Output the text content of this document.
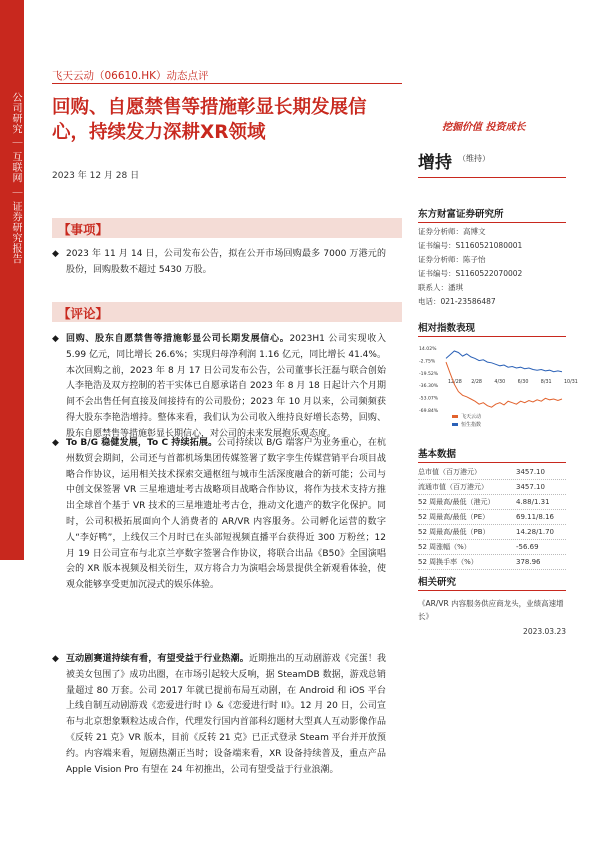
公司研究 ｜ 互联网 ｜ 证券研究报告
飞天云动（06610.HK）动态点评
回购、自愿禁售等措施彰显长期发展信心，持续发力深耕XR领域
2023 年 12 月 28 日
挖掘价值 投资成长
增持 （维持）
【事项】
◆ 2023 年 11 月 14 日，公司发布公告，拟在公开市场回购最多 7000 万港元的股份，回购股数不超过 5430 万股。
【评论】
◆ 回购、股东自愿禁售等措施彰显公司长期发展信心。2023H1 公司实现收入 5.99 亿元，同比增长 26.6%；实现归母净利润 1.16 亿元，同比增长 41.4%。本次回购之前，2023 年 8 月 17 日公司发布公告，公司董事长汪磊与联合创始人李艳浩及双方控制的若干实体已自愿承诺自 2023 年 8 月 18 日起计六个月期间不会出售任何直接及间接持有的公司股份；2023 年 10 月以来，公司频频获得大股东李艳浩增持。整体来看，我们认为公司收入维持良好增长态势，回购、股东自愿禁售等措施彰显长期信心，对公司的未来发展抱乐观态度。
◆ To B/G 稳健发展，To C 持续拓展。公司持续以 B/G 端客户为业务重心，在杭州数贸会期间，公司还与首都机场集团传媒签署了数字孪生传媒营销平台项目战略合作协议，运用相关技术探索交通枢纽与城市生活深度融合的新可能；公司与中创文保签署 VR 三星堆遗址考古战略项目战略合作协议，将作为技术支持方推出全球首个基于 VR 技术的三星堆遗址考古仓，推动文化遗产的数字化保护。同时，公司积极拓展面向个人消费者的 AR/VR 内容服务。公司孵化运营的数字人“李好鸭”，上线仅三个月时已在头部短视频直播平台获得近 300 万粉丝；12 月 19 日公司宣布与北京兰亭数字签署合作协议，将联合出品《B50》全国演唱会的 XR 版本视频及相关衍生，双方将合力为演唱会场景提供全新观看体验，使观众能够享受更加沉浸式的娱乐体验。
◆ 互动剧赛道持续有看，有望受益于行业热潮。近期推出的互动剧游戏《完蛋！我被美女包围了》成功出圈，在市场引起较大反响，据 SteamDB 数据，游戏总销量超过 80 万套。公司 2017 年就已提前布局互动剧，在 Android 和 iOS 平台上线自制互动剧游戏《恋爱进行时 I》&《恋爱进行时 II》。12 月 20 日，公司宣布与北京想象颗粒达成合作，代理发行国内首部科幻题材大型真人互动影像作品《反转 21 克》VR 版本，目前《反转 21 克》已正式登录 Steam 平台并开放预约。内容端来看，短剧热潮正当时；设备端来看，XR 设备持续普及，重点产品 Apple Vision Pro 有望在 24 年初推出，公司有望受益于行业浪潮。
东方财富证券研究所
证券分析师：高博文
证书编号：S1160521080001
证券分析师：陈子怡
证书编号：S1160522070002
联系人：潘琪
电话：021-23586487
相对指数表现
14.02%
-2.75%
-19.52%
-36.30%
-53.07%
-69.84%
12/28 2/28	4/30	6/30	8/31	10/31
飞天云动
恒生指数
基本数据
总市值（百万港元）	3457.10
流通市值（百万港元）	3457.10
52 周最高/最低（港元）	4.88/1.31
52 周最高/最低（PE）	69.11/8.16
52 周最高/最低（PB）	14.28/1.70
52 周涨幅（%）	-56.69
52 周换手率（%）	378.96
相关研究
《AR/VR 内容服务供应商龙头，业绩高速增长》
2023.03.23
